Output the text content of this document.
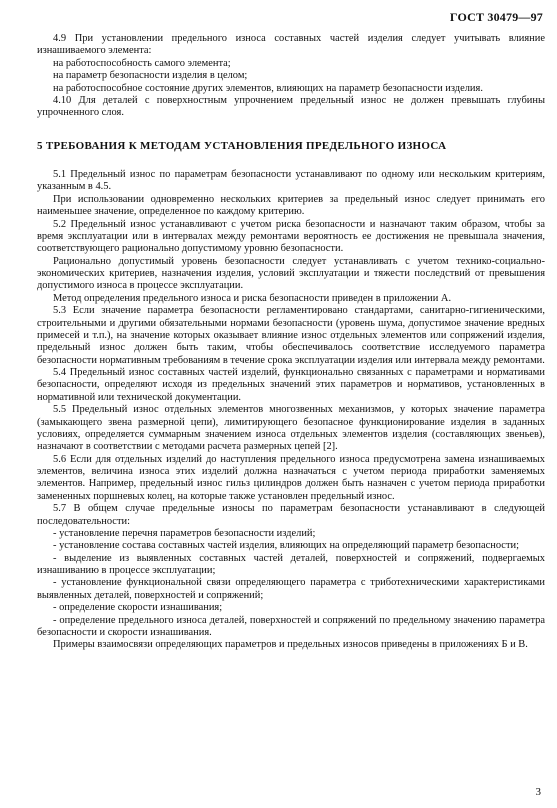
ГОСТ 30479—97

4.9 При установлении предельного износа составных частей изделия следует учитывать влияние изнашиваемого элемента:

на работоспособность самого элемента;

на параметр безопасности изделия в целом;

на работоспособное состояние других элементов, влияющих на параметр безопасности изделия.

4.10 Для деталей с поверхностным упрочнением предельный износ не должен превышать глубины упрочненного слоя.

5 ТРЕБОВАНИЯ К МЕТОДАМ УСТАНОВЛЕНИЯ ПРЕДЕЛЬНОГО ИЗНОСА

5.1 Предельный износ по параметрам безопасности устанавливают по одному или нескольким критериям, указанным в 4.5.

При использовании одновременно нескольких критериев за предельный износ следует принимать его наименьшее значение, определенное по каждому критерию.

5.2 Предельный износ устанавливают с учетом риска безопасности и назначают таким образом, чтобы за время эксплуатации или в интервалах между ремонтами вероятность ее достижения не превышала значения, соответствующего рационально допустимому уровню безопасности.

Рационально допустимый уровень безопасности следует устанавливать с учетом технико-социально-экономических критериев, назначения изделия, условий эксплуатации и тяжести последствий от превышения допустимого износа в процессе эксплуатации.

Метод определения предельного износа и риска безопасности приведен в приложении А.

5.3 Если значение параметра безопасности регламентировано стандартами, санитарно-гигиеническими, строительными и другими обязательными нормами безопасности (уровень шума, допустимое значение вредных примесей и т.п.), на значение которых оказывает влияние износ отдельных элементов или сопряжений изделия, предельный износ должен быть таким, чтобы обеспечивалось соответствие исследуемого параметра безопасности нормативным требованиям в течение срока эксплуатации изделия или интервала между ремонтами.

5.4 Предельный износ составных частей изделий, функционально связанных с параметрами и нормативами безопасности, определяют исходя из предельных значений этих параметров и нормативов, установленных в нормативной или технической документации.

5.5 Предельный износ отдельных элементов многозвенных механизмов, у которых значение параметра (замыкающего звена размерной цепи), лимитирующего безопасное функционирование изделия в заданных условиях, определяется суммарным значением износа отдельных элементов изделия (составляющих звеньев), назначают в соответствии с методами расчета размерных цепей [2].

5.6 Если для отдельных изделий до наступления предельного износа предусмотрена замена изнашиваемых элементов, величина износа этих изделий должна назначаться с учетом периода приработки заменяемых элементов. Например, предельный износ гильз цилиндров должен быть назначен с учетом периода приработки замененных поршневых колец, на которые также установлен предельный износ.

5.7 В общем случае предельные износы по параметрам безопасности устанавливают в следующей последовательности:

- установление перечня параметров безопасности изделий;

- установление состава составных частей изделия, влияющих на определяющий параметр безопасности;

- выделение из выявленных составных частей деталей, поверхностей и сопряжений, подвергаемых изнашиванию в процессе эксплуатации;

- установление функциональной связи определяющего параметра с триботехническими характеристиками выявленных деталей, поверхностей и сопряжений;

- определение скорости изнашивания;

- определение предельного износа деталей, поверхностей и сопряжений по предельному значению параметра безопасности и скорости изнашивания.

Примеры взаимосвязи определяющих параметров и предельных износов приведены в приложениях Б и В.

3
